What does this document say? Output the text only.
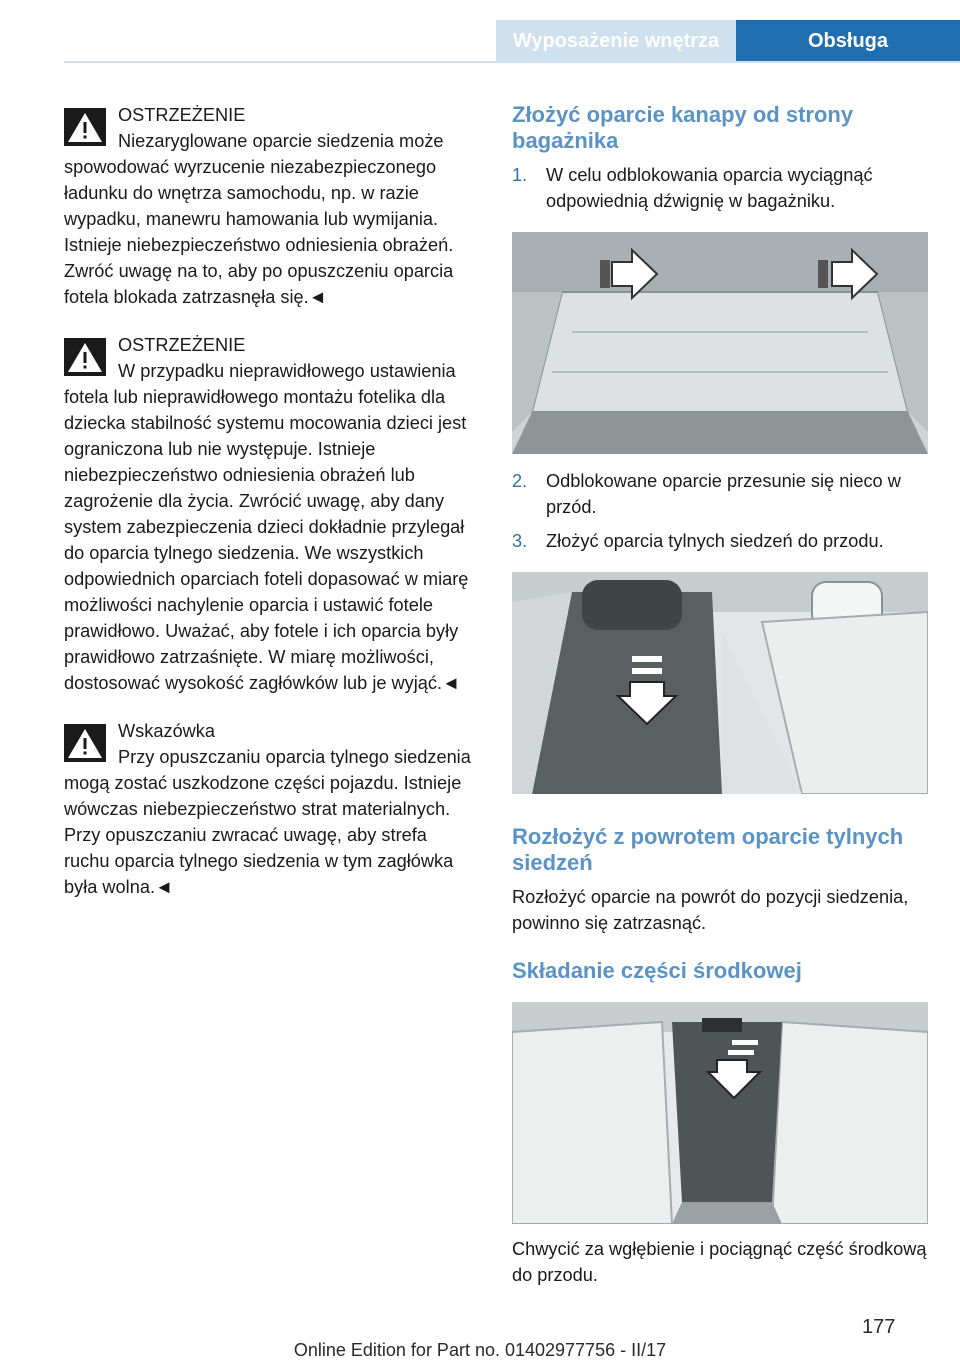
Wyposażenie wnętrza	Obsługa
OSTRZEŻENIE
Niezaryglowane oparcie siedzenia może spowodować wyrzucenie niezabezpieczonego ładunku do wnętrza samochodu, np. w razie wypadku, manewru hamowania lub wymijania. Istnieje niebezpieczeństwo odniesienia obrażeń. Zwróć uwagę na to, aby po opuszczeniu oparcia fotela blokada zatrzasnęła się.◄
OSTRZEŻENIE
W przypadku nieprawidłowego ustawienia fotela lub nieprawidłowego montażu fotelika dla dziecka stabilność systemu mocowania dzieci jest ograniczona lub nie występuje. Istnieje niebezpieczeństwo odniesienia obrażeń lub zagrożenie dla życia. Zwrócić uwagę, aby dany system zabezpieczenia dzieci dokładnie przylegał do oparcia tylnego siedzenia. We wszystkich odpowiednich oparciach foteli dopasować w miarę możliwości nachylenie oparcia i ustawić fotele prawidłowo. Uważać, aby fotele i ich oparcia były prawidłowo zatrzaśnięte. W miarę możliwości, dostosować wysokość zagłówków lub je wyjąć.◄
Wskazówka
Przy opuszczaniu oparcia tylnego siedzenia mogą zostać uszkodzone części pojazdu. Istnieje wówczas niebezpieczeństwo strat materialnych. Przy opuszczaniu zwracać uwagę, aby strefa ruchu oparcia tylnego siedzenia w tym zagłówka była wolna.◄
Złożyć oparcie kanapy od strony bagażnika
1. W celu odblokowania oparcia wyciągnąć odpowiednią dźwignię w bagażniku.
2. Odblokowane oparcie przesunie się nieco w przód.
3. Złożyć oparcia tylnych siedzeń do przodu.
Rozłożyć z powrotem oparcie tylnych siedzeń
Rozłożyć oparcie na powrót do pozycji siedzenia, powinno się zatrzasnąć.
Składanie części środkowej
Chwycić za wgłębienie i pociągnąć część środkową do przodu.
177
Online Edition for Part no. 01402977756 - II/17
